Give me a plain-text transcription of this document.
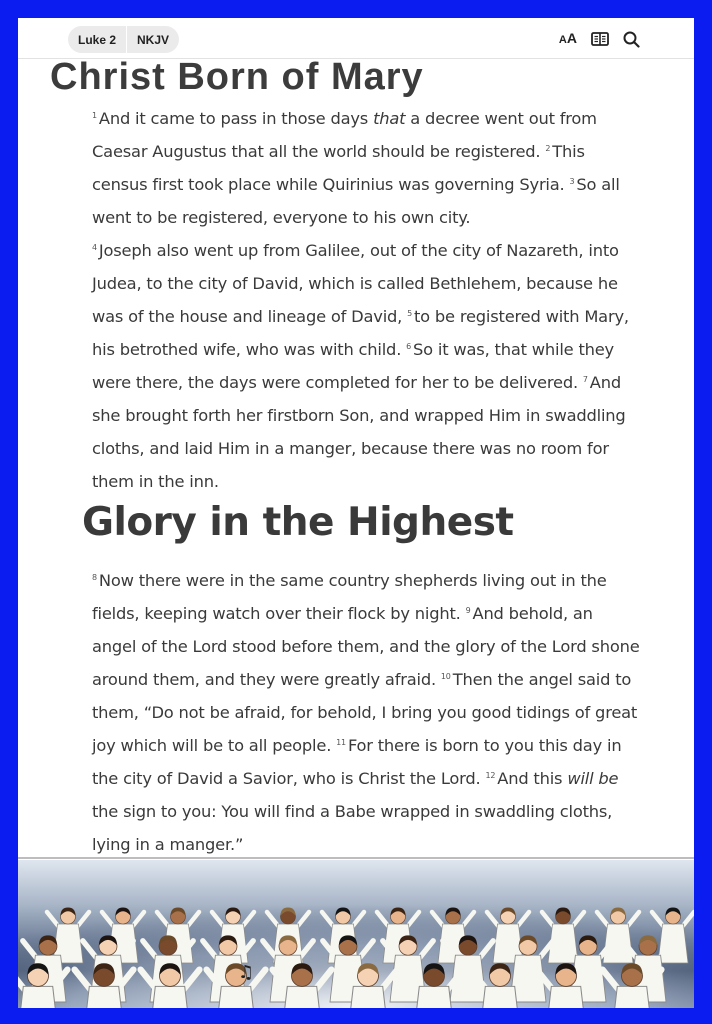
Luke 2	NKJV	AA
Christ Born of Mary

$^1$ And it came to pass in those days that a decree went out from Caesar Augustus that all the world should be registered. $^2$ This census first took place while Quirinius was governing Syria. $^3$ So all went to be registered, everyone to his own city.

$^4$ Joseph also went up from Galilee, out of the city of Nazareth, into Judea, to the city of David, which is called Bethlehem, because he was of the house and lineage of David, $^5$ to be registered with Mary, his betrothed wife, who was with child. $^6$ So it was, that while they were there, the days were completed for her to be delivered. $^7$ And she brought forth her firstborn Son, and wrapped Him in swaddling cloths, and laid Him in a manger, because there was no room for them in the inn.

Glory in the Highest

$^8$ Now there were in the same country shepherds living out in the fields, keeping watch over their flock by night. $^9$ And behold, an angel of the Lord stood before them, and the glory of the Lord shone around them, and they were greatly afraid. $^{10}$ Then the angel said to them, “Do not be afraid, for behold, I bring you good tidings of great joy which will be to all people. $^{11}$ For there is born to you this day in the city of David a Savior, who is Christ the Lord. $^{12}$ And this will be the sign to you: You will find a Babe wrapped in swaddling cloths, lying in a manger.”

♫
